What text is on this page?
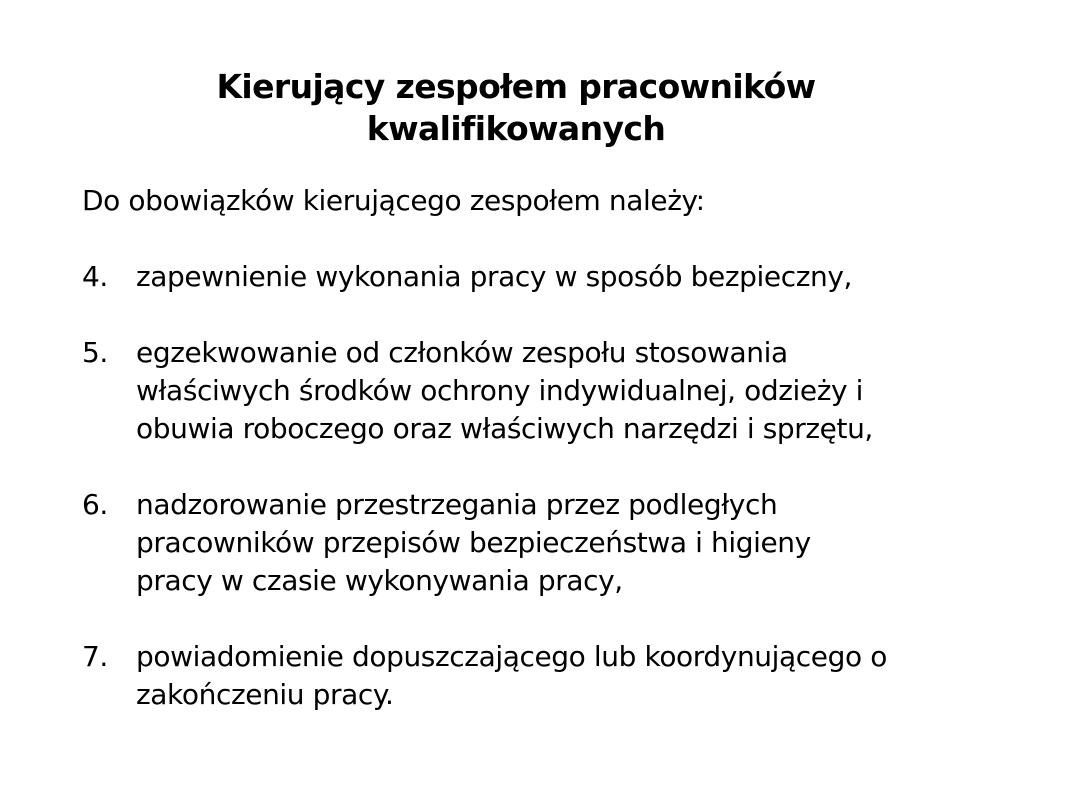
Kierujący zespołem pracowników
kwalifikowanych
Do obowiązków kierującego zespołem należy:
4. zapewnienie wykonania pracy w sposób bezpieczny,
5. egzekwowanie od członków zespołu stosowania
właściwych środków ochrony indywidualnej, odzieży i
obuwia roboczego oraz właściwych narzędzi i sprzętu,
6. nadzorowanie przestrzegania przez podległych
pracowników przepisów bezpieczeństwa i higieny
pracy w czasie wykonywania pracy,
7. powiadomienie dopuszczającego lub koordynującego o
zakończeniu pracy.
